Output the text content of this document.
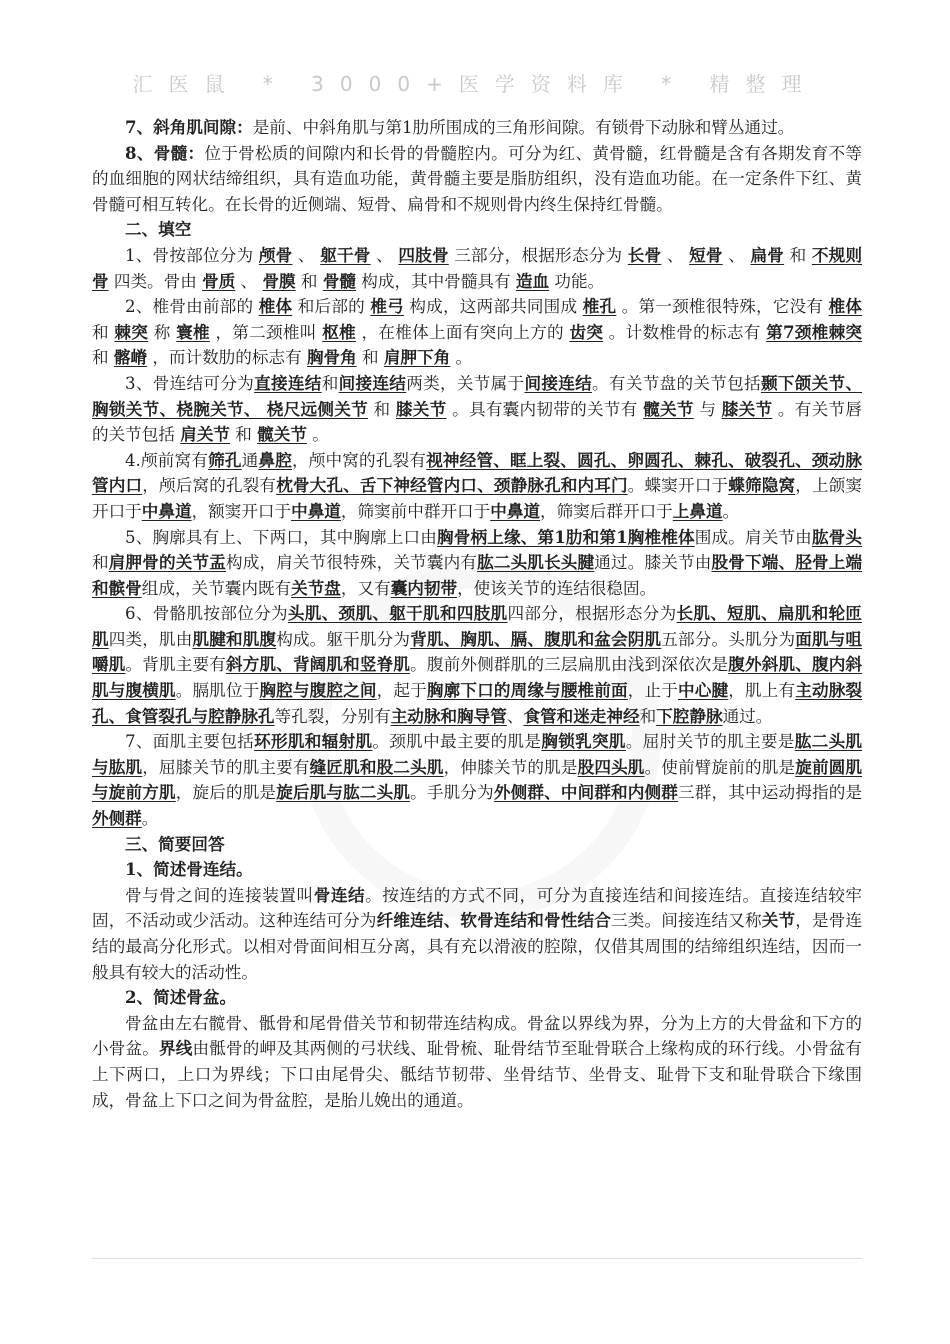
汇医鼠 * 3000+医学资料库 * 精整理

7、斜角肌间隙：是前、中斜角肌与第1肋所围成的三角形间隙。有锁骨下动脉和臂丛通过。

8、骨髓：位于骨松质的间隙内和长骨的骨髓腔内。可分为红、黄骨髓，红骨髓是含有各期发育不等的血细胞的网状结缔组织，具有造血功能，黄骨髓主要是脂肪组织，没有造血功能。在一定条件下红、黄骨髓可相互转化。在长骨的近侧端、短骨、扁骨和不规则骨内终生保持红骨髓。

二、填空

1、骨按部位分为 颅骨 、 躯干骨 、 四肢骨 三部分，根据形态分为 长骨 、 短骨 、 扁骨 和 不规则骨 四类。骨由 骨质 、 骨膜 和 骨髓 构成，其中骨髓具有 造血 功能。

2、椎骨由前部的 椎体 和后部的 椎弓 构成，这两部共同围成 椎孔 。第一颈椎很特殊，它没有 椎体 和 棘突 称 寰椎 ，第二颈椎叫 枢椎 ，在椎体上面有突向上方的 齿突 。计数椎骨的标志有 第7颈椎棘突 和 髂嵴 ，而计数肋的标志有 胸骨角 和 肩胛下角 。

3、骨连结可分为直接连结和间接连结两类，关节属于间接连结。有关节盘的关节包括颞下颌关节、胸锁关节、桡腕关节、 桡尺远侧关节 和 膝关节 。具有囊内韧带的关节有 髋关节 与 膝关节 。有关节唇的关节包括 肩关节 和 髋关节 。

4.颅前窝有筛孔通鼻腔，颅中窝的孔裂有视神经管、眶上裂、圆孔、卵圆孔、棘孔、破裂孔、颈动脉管内口，颅后窝的孔裂有枕骨大孔、舌下神经管内口、颈静脉孔和内耳门。蝶窦开口于蝶筛隐窝，上颌窦开口于中鼻道，额窦开口于中鼻道，筛窦前中群开口于中鼻道，筛窦后群开口于上鼻道。

5、胸廓具有上、下两口，其中胸廓上口由胸骨柄上缘、第1肋和第1胸椎椎体围成。肩关节由肱骨头和肩胛骨的关节盂构成，肩关节很特殊，关节囊内有肱二头肌长头腱通过。膝关节由股骨下端、胫骨上端和髌骨组成，关节囊内既有关节盘，又有囊内韧带，使该关节的连结很稳固。

6、骨骼肌按部位分为头肌、颈肌、躯干肌和四肢肌四部分，根据形态分为长肌、短肌、扁肌和轮匝肌四类，肌由肌腱和肌腹构成。躯干肌分为背肌、胸肌、膈、腹肌和盆会阴肌五部分。头肌分为面肌与咀嚼肌。背肌主要有斜方肌、背阔肌和竖脊肌。腹前外侧群肌的三层扁肌由浅到深依次是腹外斜肌、腹内斜肌与腹横肌。膈肌位于胸腔与腹腔之间，起于胸廓下口的周缘与腰椎前面，止于中心腱，肌上有主动脉裂孔、食管裂孔与腔静脉孔等孔裂，分别有主动脉和胸导管、食管和迷走神经和下腔静脉通过。

7、面肌主要包括环形肌和辐射肌。颈肌中最主要的肌是胸锁乳突肌。屈肘关节的肌主要是肱二头肌与肱肌，屈膝关节的肌主要有缝匠肌和股二头肌，伸膝关节的肌是股四头肌。使前臂旋前的肌是旋前圆肌与旋前方肌，旋后的肌是旋后肌与肱二头肌。手肌分为外侧群、中间群和内侧群三群，其中运动拇指的是外侧群。

三、简要回答

1、简述骨连结。

骨与骨之间的连接装置叫骨连结。按连结的方式不同，可分为直接连结和间接连结。直接连结较牢固，不活动或少活动。这种连结可分为纤维连结、软骨连结和骨性结合三类。间接连结又称关节，是骨连结的最高分化形式。以相对骨面间相互分离，具有充以滑液的腔隙，仅借其周围的结缔组织连结，因而一般具有较大的活动性。

2、简述骨盆。

骨盆由左右髋骨、骶骨和尾骨借关节和韧带连结构成。骨盆以界线为界，分为上方的大骨盆和下方的小骨盆。界线由骶骨的岬及其两侧的弓状线、耻骨梳、耻骨结节至耻骨联合上缘构成的环行线。小骨盆有上下两口，上口为界线；下口由尾骨尖、骶结节韧带、坐骨结节、坐骨支、耻骨下支和耻骨联合下缘围成，骨盆上下口之间为骨盆腔，是胎儿娩出的通道。
